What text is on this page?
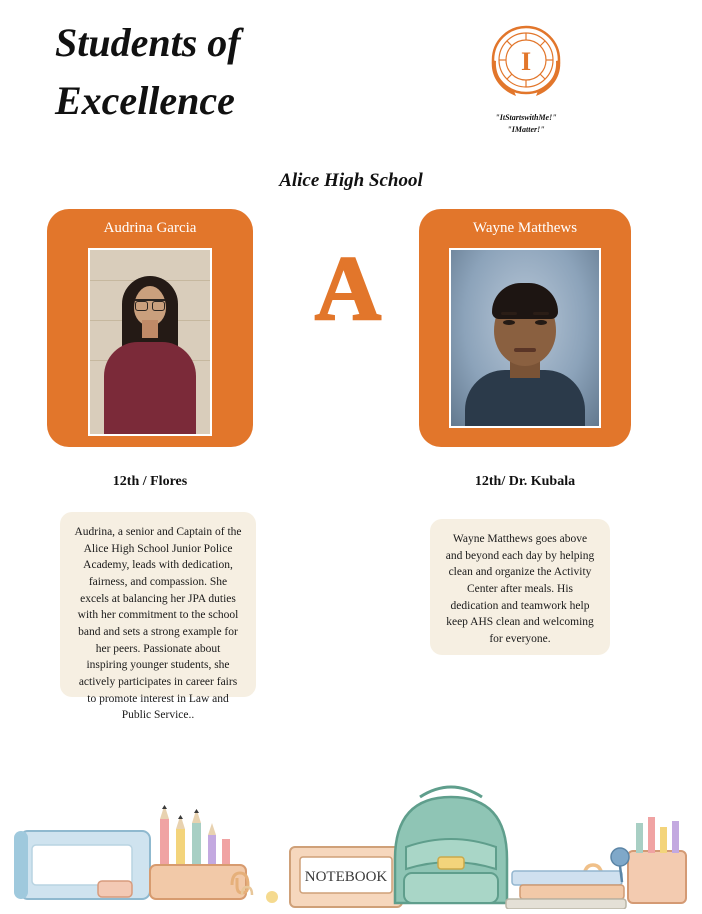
Students of Excellence
I
"ItStartswithMe!"
"IMatter!"
Alice High School
Audrina Garcia
A
Wayne Matthews
12th / Flores	12th/ Dr. Kubala
Audrina, a senior and Captain of the Alice High School Junior Police Academy, leads with dedication, fairness, and compassion. She excels at balancing her JPA duties with her commitment to the school band and sets a strong example for her peers. Passionate about inspiring younger students, she actively participates in career fairs to promote interest in Law and Public Service..
Wayne Matthews goes above and beyond each day by helping clean and organize the Activity Center after meals. His dedication and teamwork help keep AHS clean and welcoming for everyone.
NOTEBOOK
